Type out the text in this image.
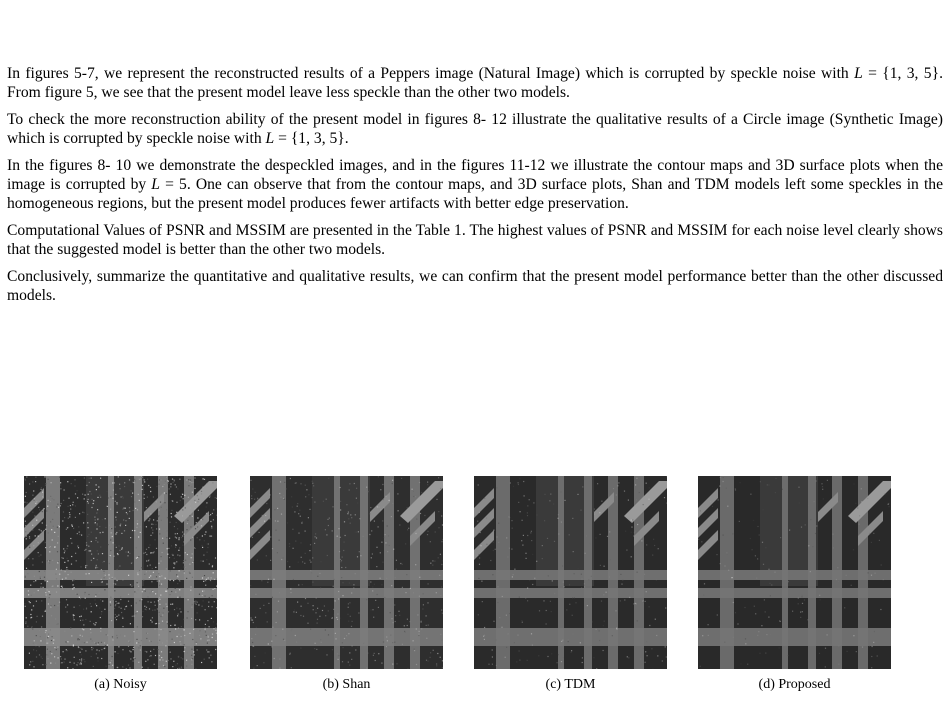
In figures 5-7, we represent the reconstructed results of a Peppers image (Natural Image) which is corrupted by speckle noise with L = {1, 3, 5}. From figure 5, we see that the present model leave less speckle than the other two models.

To check the more reconstruction ability of the present model in figures 8- 12 illustrate the qualitative results of a Circle image (Synthetic Image) which is corrupted by speckle noise with L = {1, 3, 5}.

In the figures 8- 10 we demonstrate the despeckled images, and in the figures 11-12 we illustrate the contour maps and 3D surface plots when the image is corrupted by L = 5. One can observe that from the contour maps, and 3D surface plots, Shan and TDM models left some speckles in the homogeneous regions, but the present model produces fewer artifacts with better edge preservation.

Computational Values of PSNR and MSSIM are presented in the Table 1. The highest values of PSNR and MSSIM for each noise level clearly shows that the suggested model is better than the other two models.

Conclusively, summarize the quantitative and qualitative results, we can confirm that the present model performance better than the other discussed models.

(a) Noisy	(b) Shan	(c) TDM	(d) Proposed
